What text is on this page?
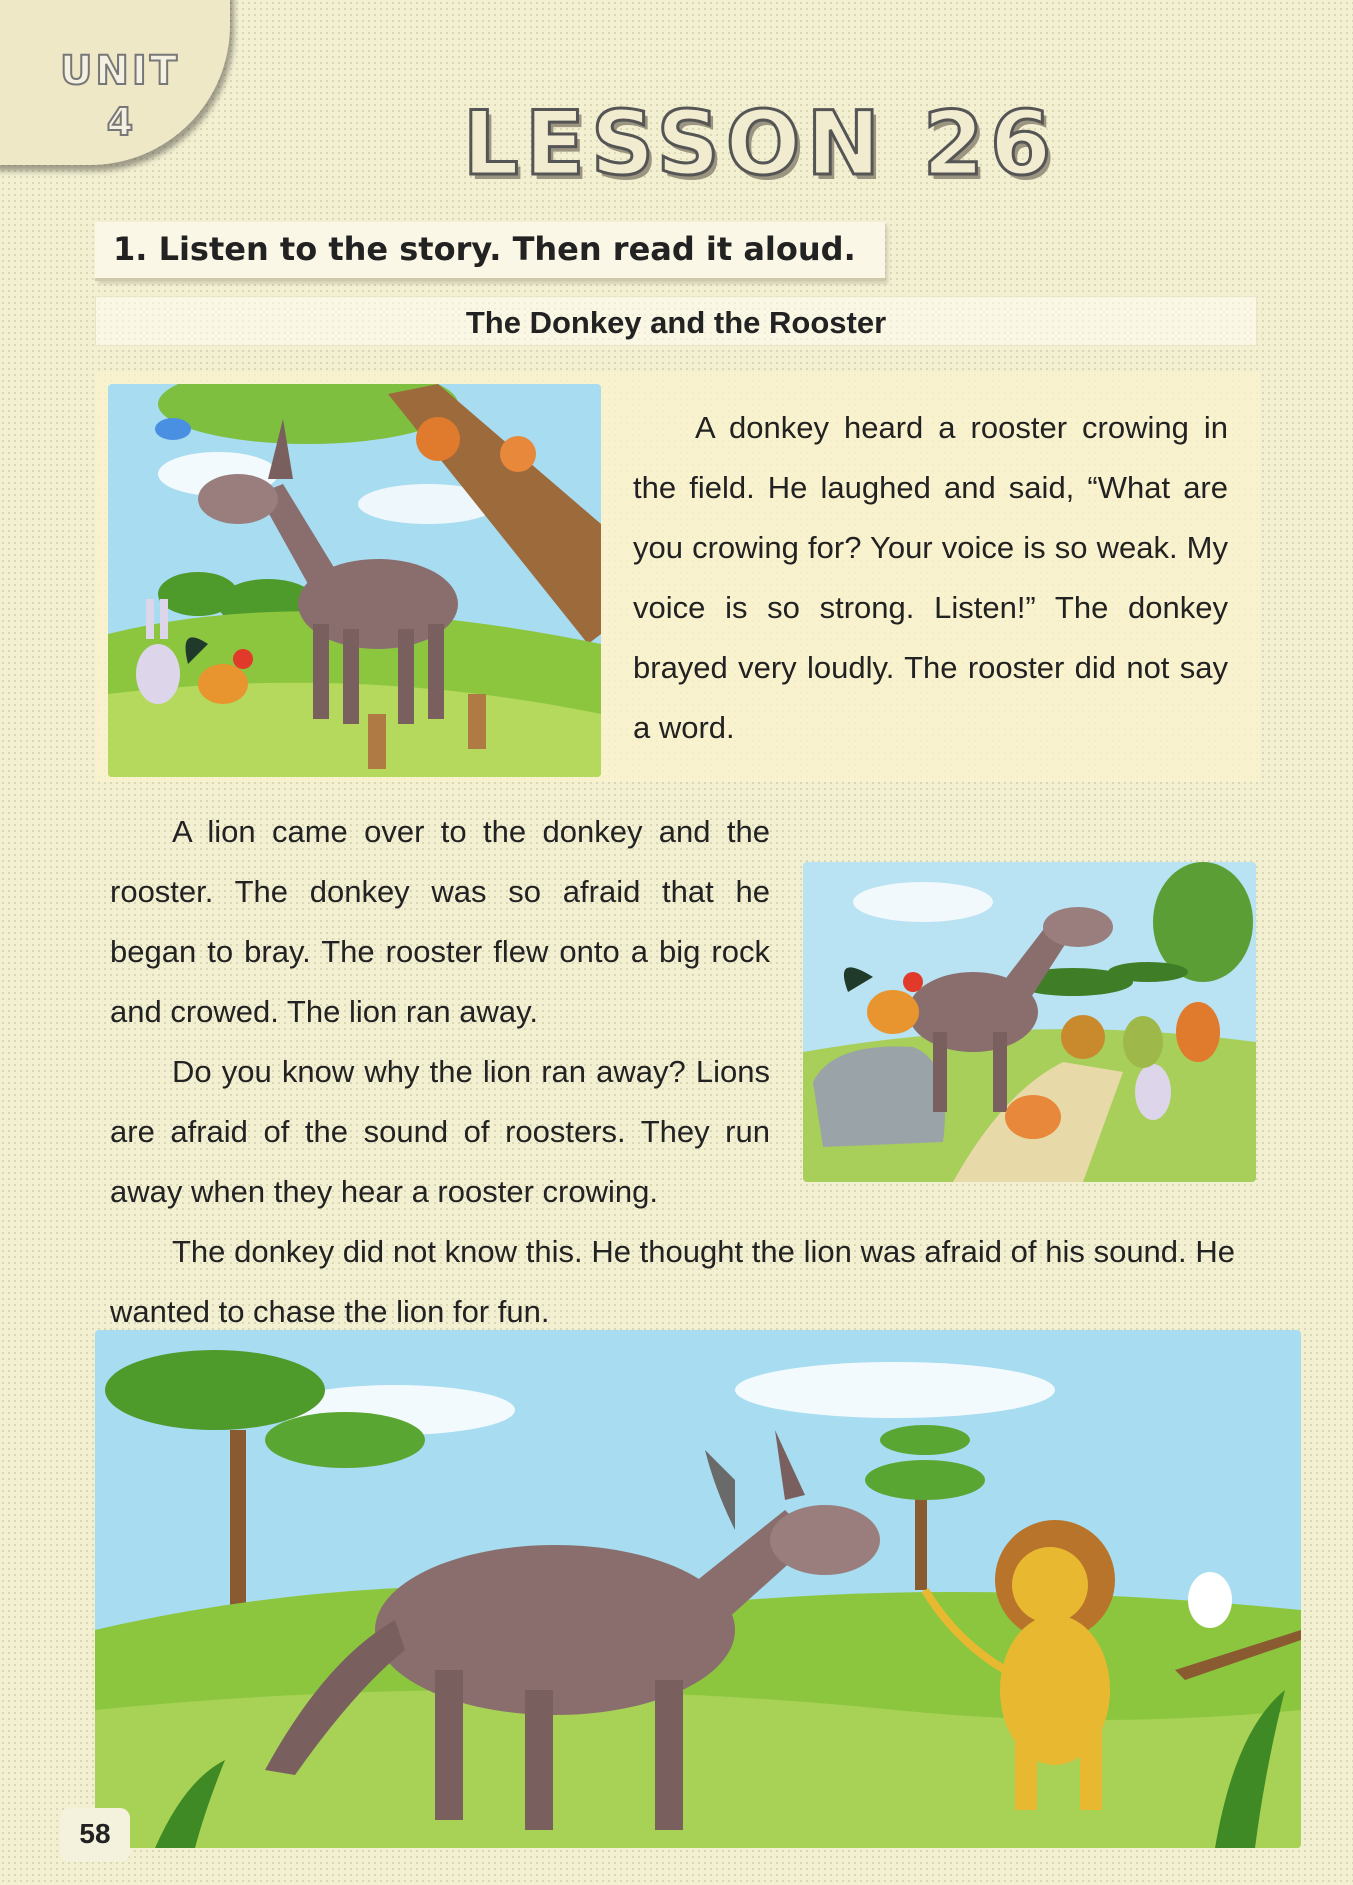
UNIT
4	LESSON 26
1. Listen to the story. Then read it aloud.
The Donkey and the Rooster
A donkey heard a rooster crowing in the field. He laughed and said, “What are you crowing for? Your voice is so weak. My voice is so strong. Listen!” The donkey brayed very loudly. The rooster did not say a word.
A lion came over to the donkey and the rooster. The donkey was so afraid that he began to bray. The rooster flew onto a big rock and crowed. The lion ran away.
Do you know why the lion ran away? Lions are afraid of the sound of roosters. They run away when they hear a rooster crowing.
The donkey did not know this. He thought the lion was afraid of his sound. He wanted to chase the lion for fun.
58
